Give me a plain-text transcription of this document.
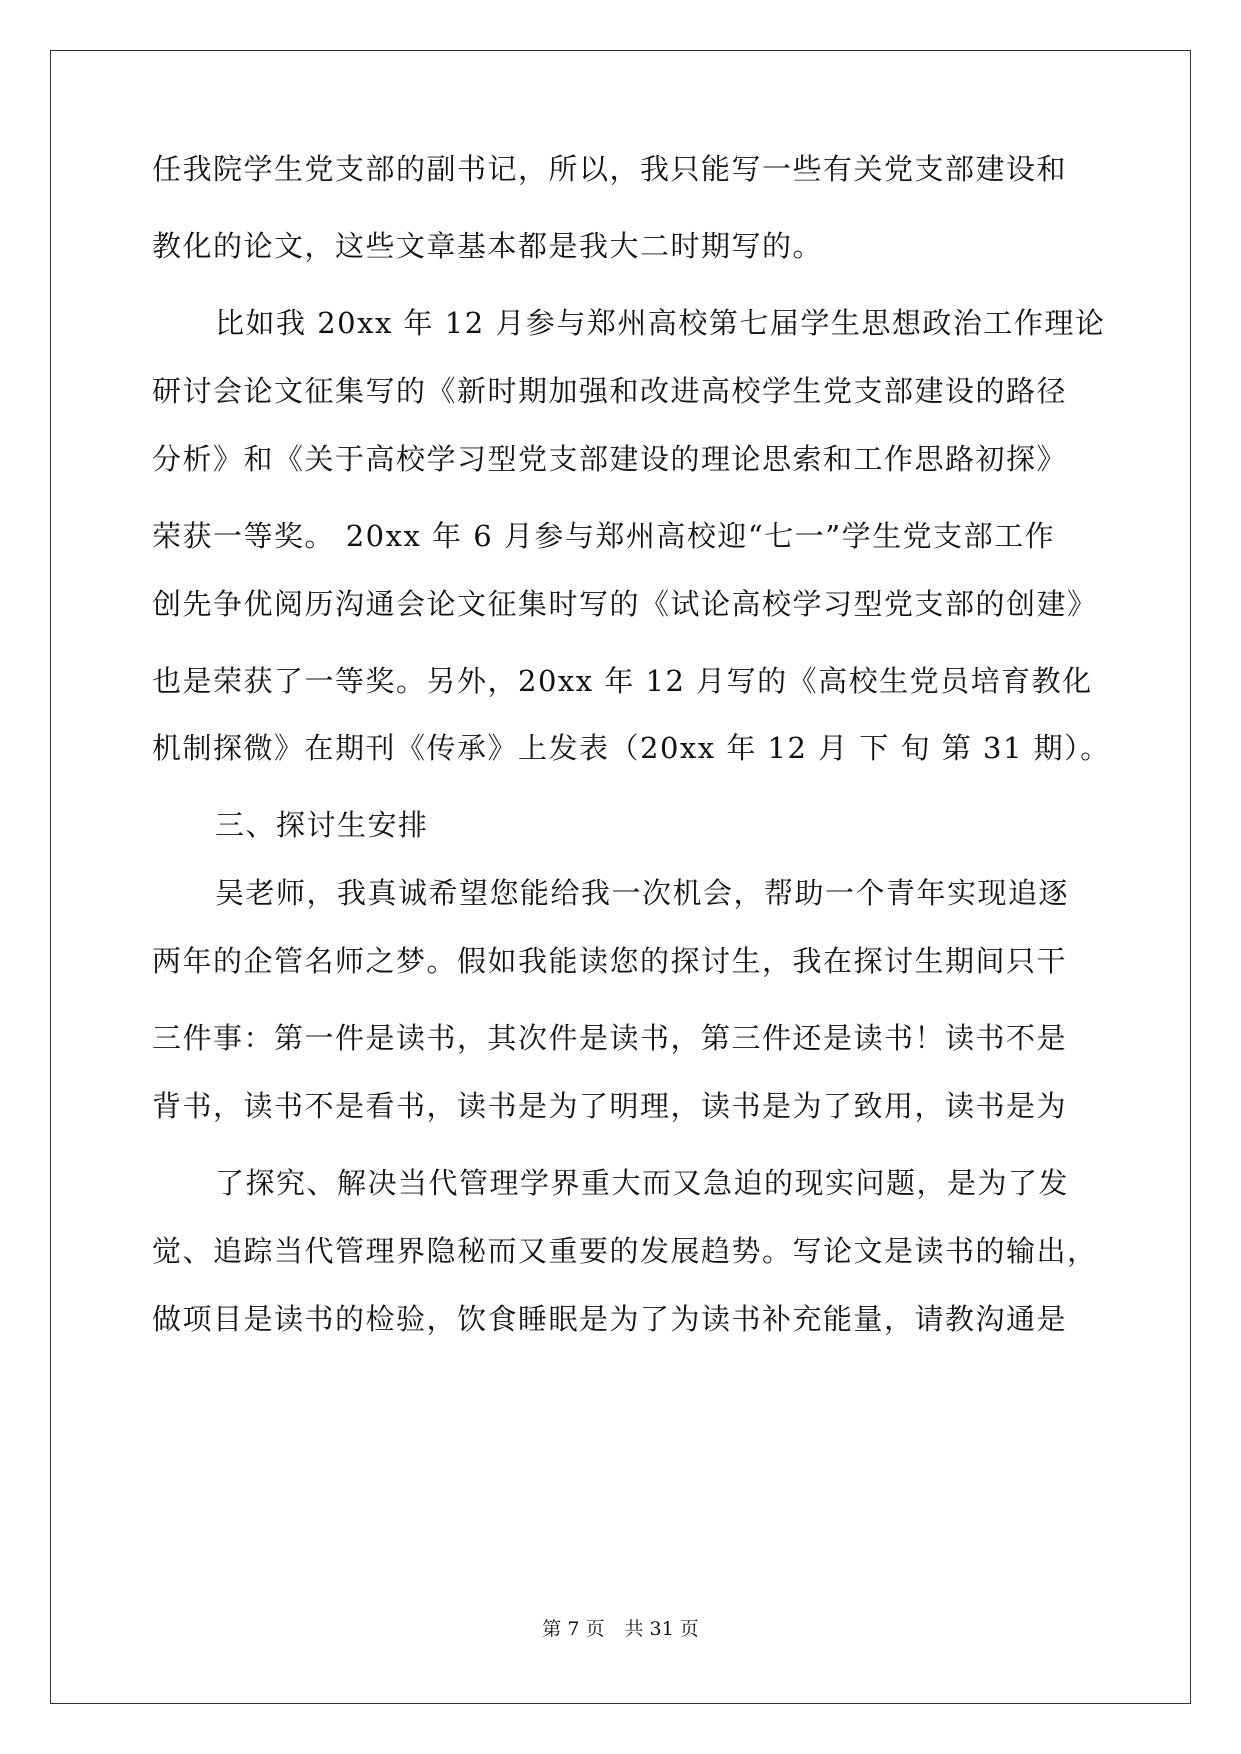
任我院学生党支部的副书记，所以，我只能写一些有关党支部建设和
教化的论文，这些文章基本都是我大二时期写的。
比如我 20xx 年 12 月参与郑州高校第七届学生思想政治工作理论
研讨会论文征集写的《新时期加强和改进高校学生党支部建设的路径
分析》和《关于高校学习型党支部建设的理论思索和工作思路初探》
荣获一等奖。 20xx 年 6 月参与郑州高校迎“七一”学生党支部工作
创先争优阅历沟通会论文征集时写的《试论高校学习型党支部的创建》
也是荣获了一等奖。另外，20xx 年 12 月写的《高校生党员培育教化
机制探微》在期刊《传承》上发表（20xx 年 12 月 下 旬 第 31 期）。
三、探讨生安排
吴老师，我真诚希望您能给我一次机会，帮助一个青年实现追逐
两年的企管名师之梦。假如我能读您的探讨生，我在探讨生期间只干
三件事：第一件是读书，其次件是读书，第三件还是读书！读书不是
背书，读书不是看书，读书是为了明理，读书是为了致用，读书是为
了探究、解决当代管理学界重大而又急迫的现实问题，是为了发
觉、追踪当代管理界隐秘而又重要的发展趋势。写论文是读书的输出，
做项目是读书的检验，饮食睡眠是为了为读书补充能量，请教沟通是
第 7 页 共 31 页
